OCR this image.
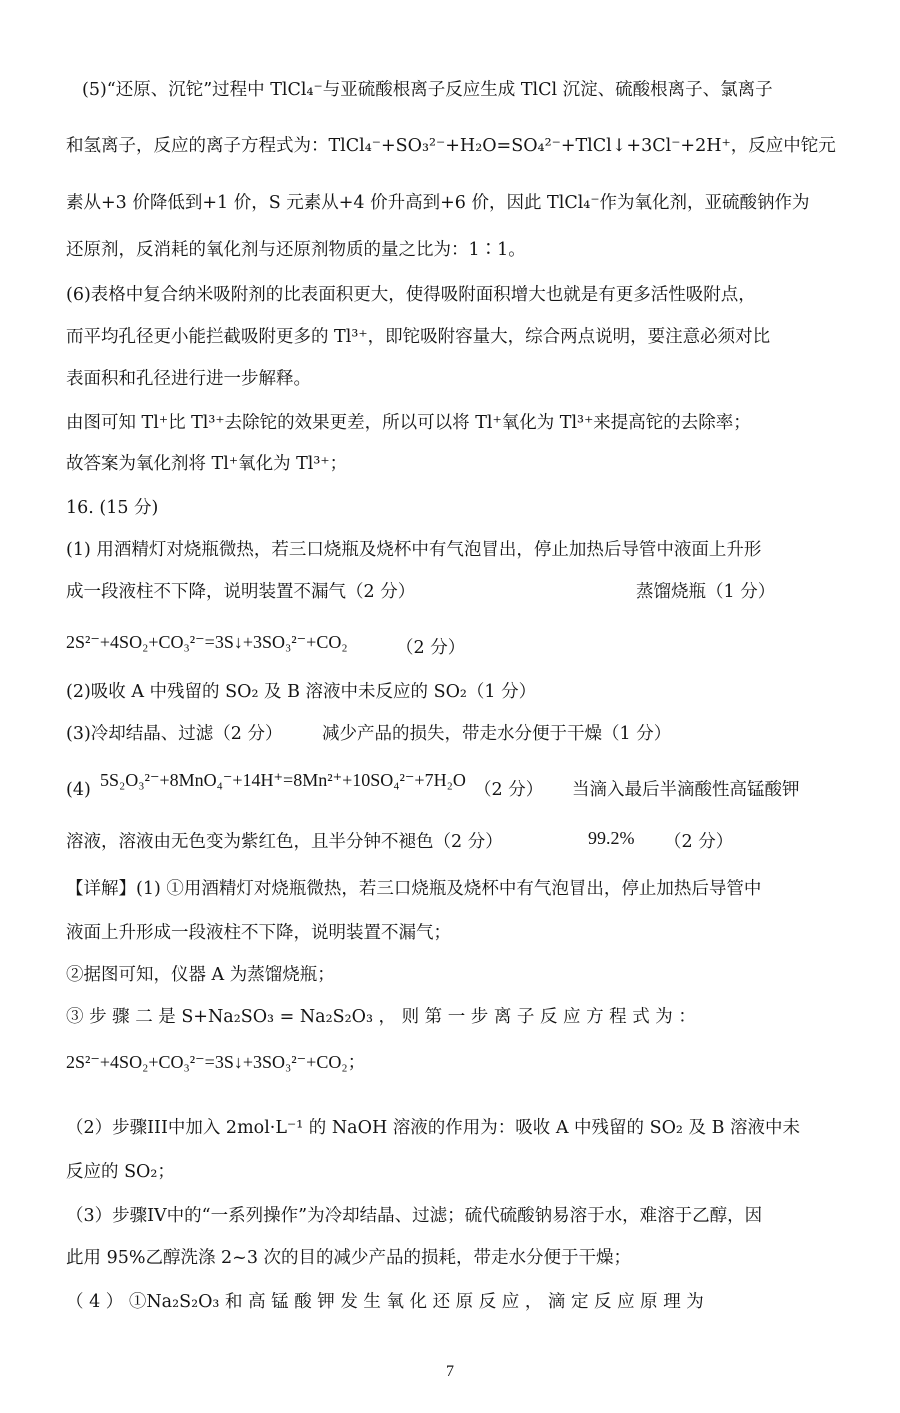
(5)“还原、沉铊”过程中 TlCl₄⁻与亚硫酸根离子反应生成 TlCl 沉淀、硫酸根离子、氯离子
和氢离子，反应的离子方程式为：TlCl₄⁻+SO₃²⁻+H₂O=SO₄²⁻+TlCl↓+3Cl⁻+2H⁺，反应中铊元
素从+3 价降低到+1 价，S 元素从+4 价升高到+6 价，因此 TlCl₄⁻作为氧化剂，亚硫酸钠作为
还原剂，反消耗的氧化剂与还原剂物质的量之比为：1∶1。
(6)表格中复合纳米吸附剂的比表面积更大，使得吸附面积增大也就是有更多活性吸附点，
而平均孔径更小能拦截吸附更多的 Tl³⁺，即铊吸附容量大，综合两点说明，要注意必须对比
表面积和孔径进行进一步解释。
由图可知 Tl⁺比 Tl³⁺去除铊的效果更差，所以可以将 Tl⁺氧化为 Tl³⁺来提高铊的去除率；
故答案为氧化剂将 Tl⁺氧化为 Tl³⁺；
16. (15 分)
(1) 用酒精灯对烧瓶微热，若三口烧瓶及烧杯中有气泡冒出，停止加热后导管中液面上升形
成一段液柱不下降，说明装置不漏气（2 分）	蒸馏烧瓶（1 分）
2S²⁻+4SO₂+CO₃²⁻=3S↓+3SO₃²⁻+CO₂	（2 分）
(2)吸收 A 中残留的 SO₂ 及 B 溶液中未反应的 SO₂（1 分）
(3)冷却结晶、过滤（2 分）	减少产品的损失，带走水分便于干燥（1 分）
(4) 5S₂O₃²⁻+8MnO₄⁻+14H⁺=8Mn²⁺+10SO₄²⁻+7H₂O （2 分）	当滴入最后半滴酸性高锰酸钾
溶液，溶液由无色变为紫红色，且半分钟不褪色（2 分）	99.2%	（2 分）
【详解】(1) ①用酒精灯对烧瓶微热，若三口烧瓶及烧杯中有气泡冒出，停止加热后导管中
液面上升形成一段液柱不下降，说明装置不漏气；
②据图可知，仪器 A 为蒸馏烧瓶；
③ 步 骤 二 是 S+Na₂SO₃ = Na₂S₂O₃ ， 则 第 一 步 离 子 反 应 方 程 式 为 ：
2S²⁻+4SO₂+CO₃²⁻=3S↓+3SO₃²⁻+CO₂；
（2）步骤III中加入 2mol·L⁻¹ 的 NaOH 溶液的作用为：吸收 A 中残留的 SO₂ 及 B 溶液中未
反应的 SO₂；
（3）步骤IV中的“一系列操作”为冷却结晶、过滤；硫代硫酸钠易溶于水，难溶于乙醇，因
此用 95%乙醇洗涤 2~3 次的目的减少产品的损耗，带走水分便于干燥；
（ 4 ） ①Na₂S₂O₃ 和 高 锰 酸 钾 发 生 氧 化 还 原 反 应 ， 滴 定 反 应 原 理 为
7
